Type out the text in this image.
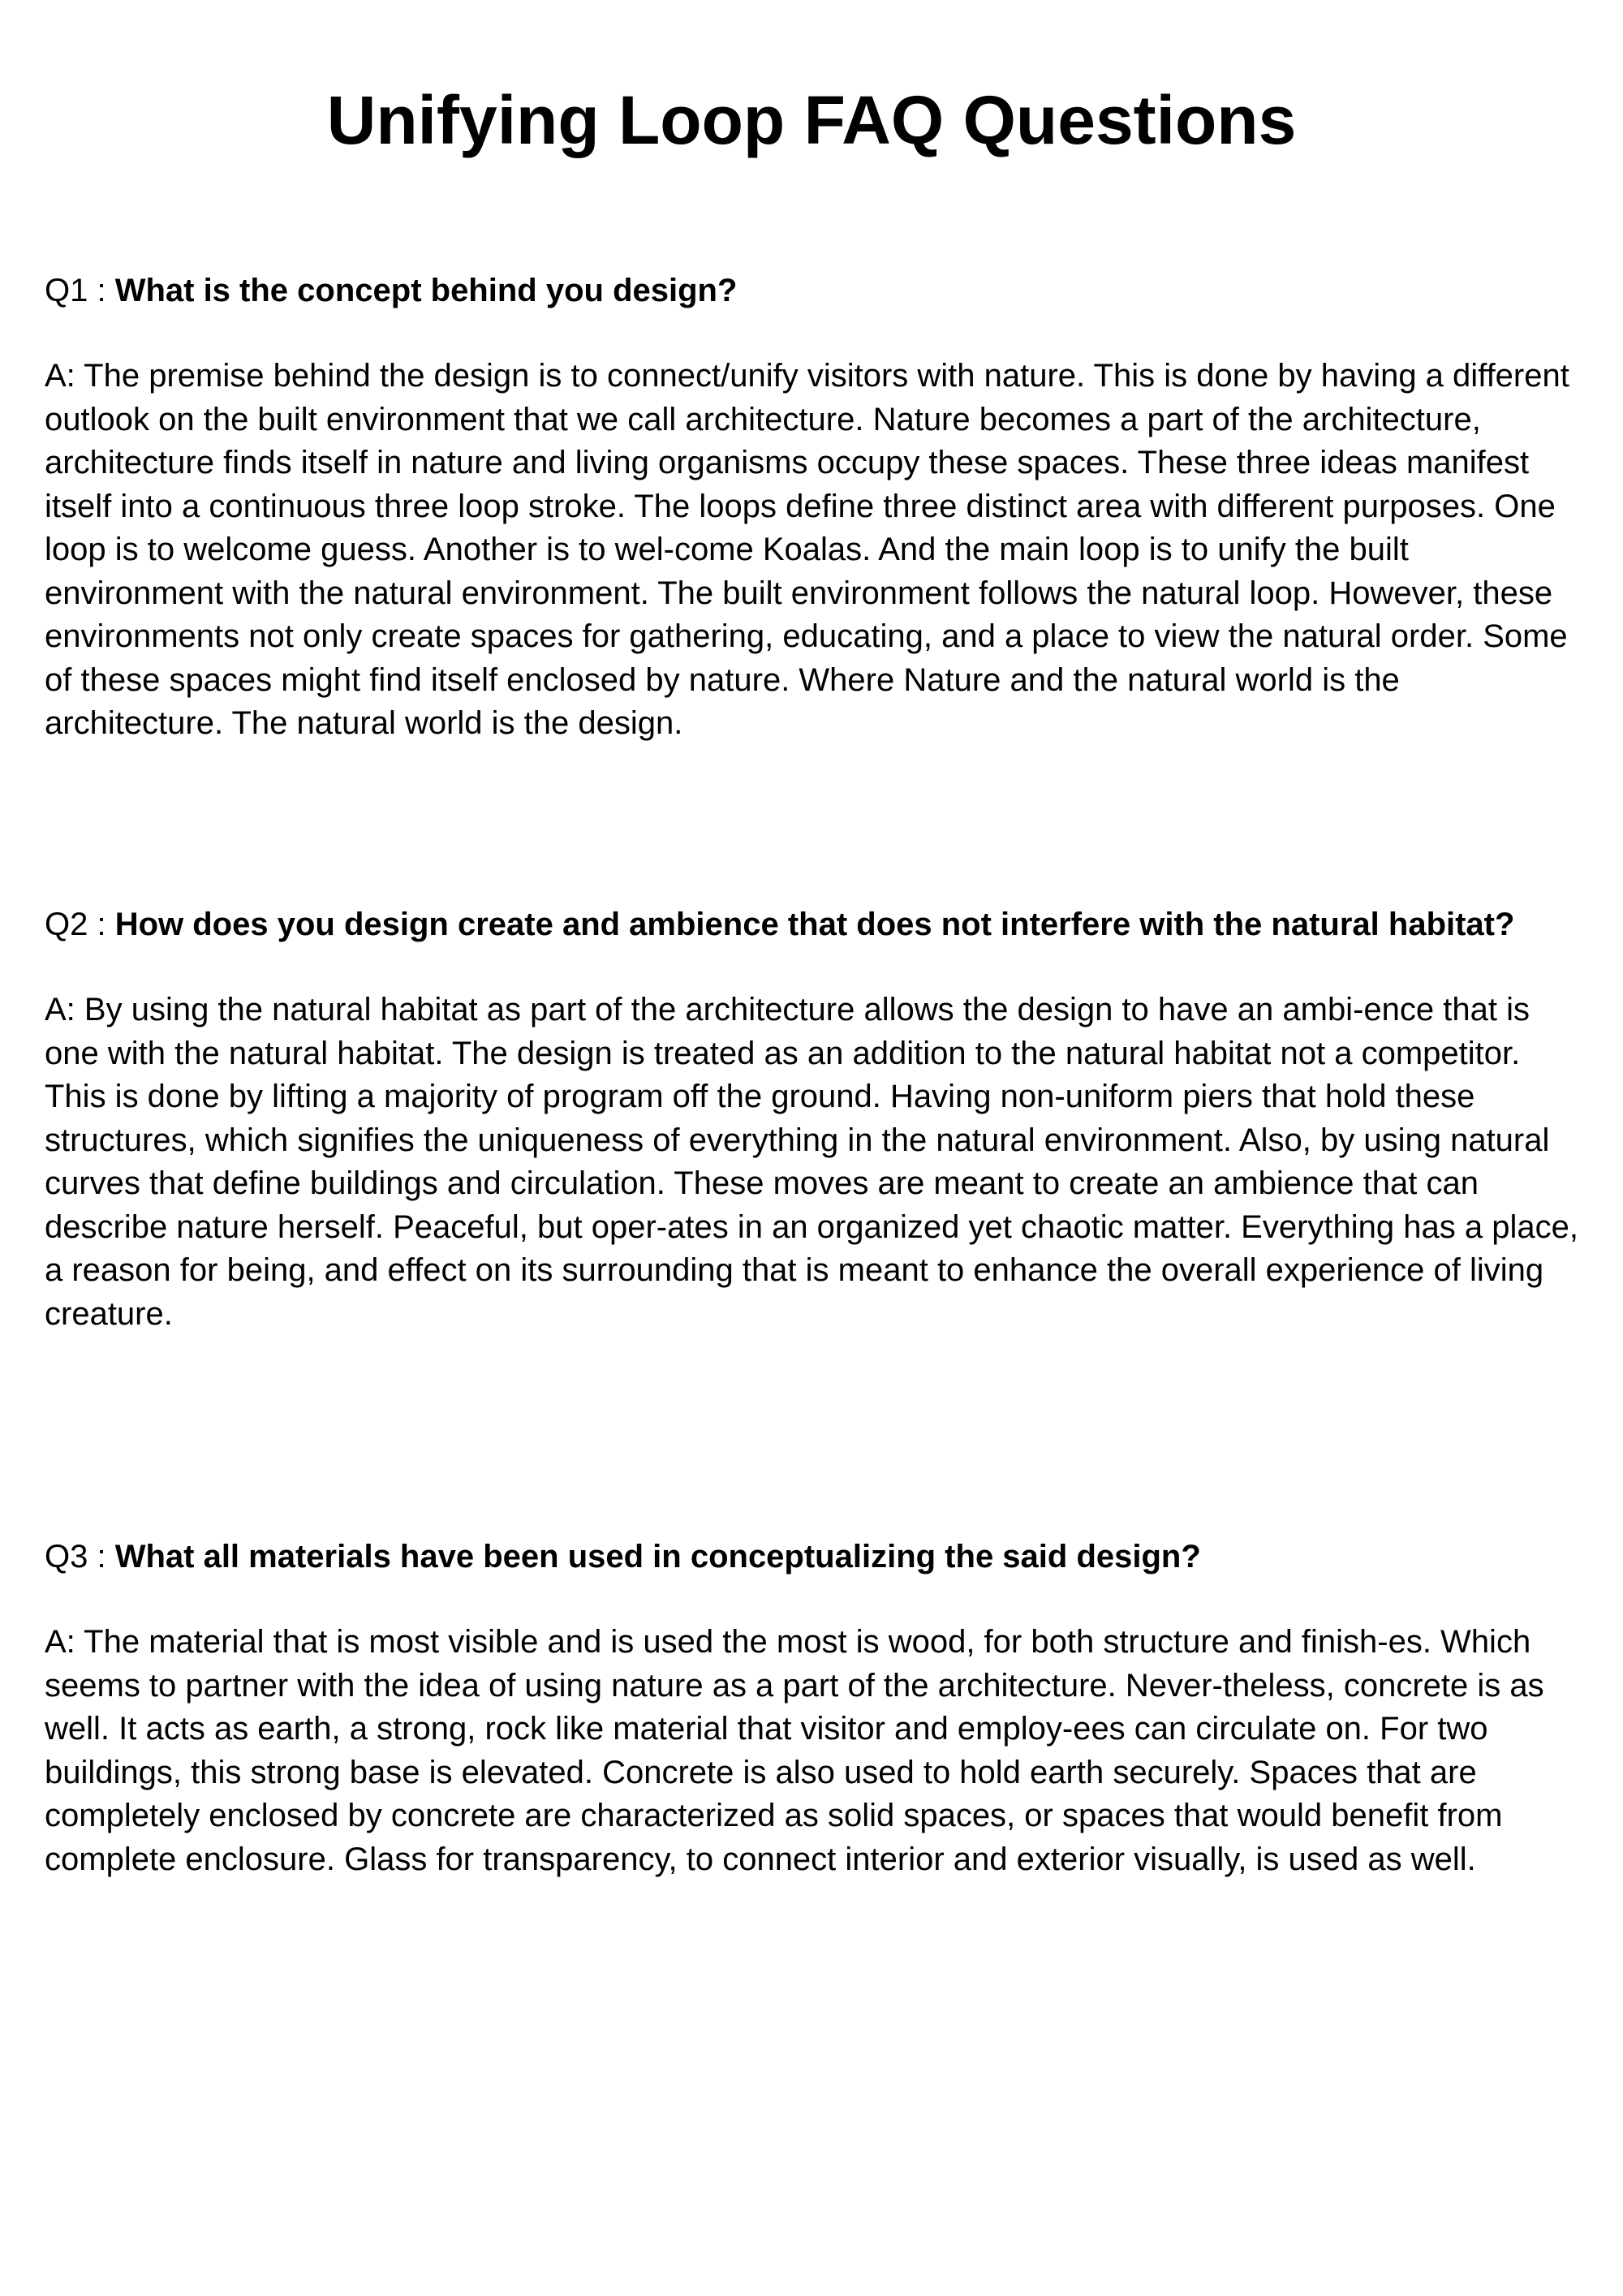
Unifying Loop FAQ Questions

Q1 : What is the concept behind you design?

A: The premise behind the design is to connect/unify visitors with nature. This is done by having a different outlook on the built environment that we call architecture. Nature becomes a part of the architecture, architecture finds itself in nature and living organisms occupy these spaces. These three ideas manifest itself into a continuous three loop stroke. The loops define three distinct area with different purposes. One loop is to welcome guess. Another is to wel-come Koalas. And the main loop is to unify the built environment with the natural environment. The built environment follows the natural loop. However, these environments not only create spaces for gathering, educating, and a place to view the natural order. Some of these spaces might find itself enclosed by nature. Where Nature and the natural world is the architecture. The natural world is the design.

Q2 : How does you design create and ambience that does not interfere with the natural habitat?

A: By using the natural habitat as part of the architecture allows the design to have an ambi-ence that is one with the natural habitat. The design is treated as an addition to the natural habitat not a competitor. This is done by lifting a majority of program off the ground. Having non-uniform piers that hold these structures, which signifies the uniqueness of everything in the natural environment. Also, by using natural curves that define buildings and circulation. These moves are meant to create an ambience that can describe nature herself. Peaceful, but oper-ates in an organized yet chaotic matter. Everything has a place, a reason for being, and effect on its surrounding that is meant to enhance the overall experience of living creature.

Q3 : What all materials have been used in conceptualizing the said design?

A: The material that is most visible and is used the most is wood, for both structure and finish-es. Which seems to partner with the idea of using nature as a part of the architecture. Never-theless, concrete is as well. It acts as earth, a strong, rock like material that visitor and employ-ees can circulate on. For two buildings, this strong base is elevated. Concrete is also used to hold earth securely. Spaces that are completely enclosed by concrete are characterized as solid spaces, or spaces that would benefit from complete enclosure. Glass for transparency, to connect interior and exterior visually, is used as well.
